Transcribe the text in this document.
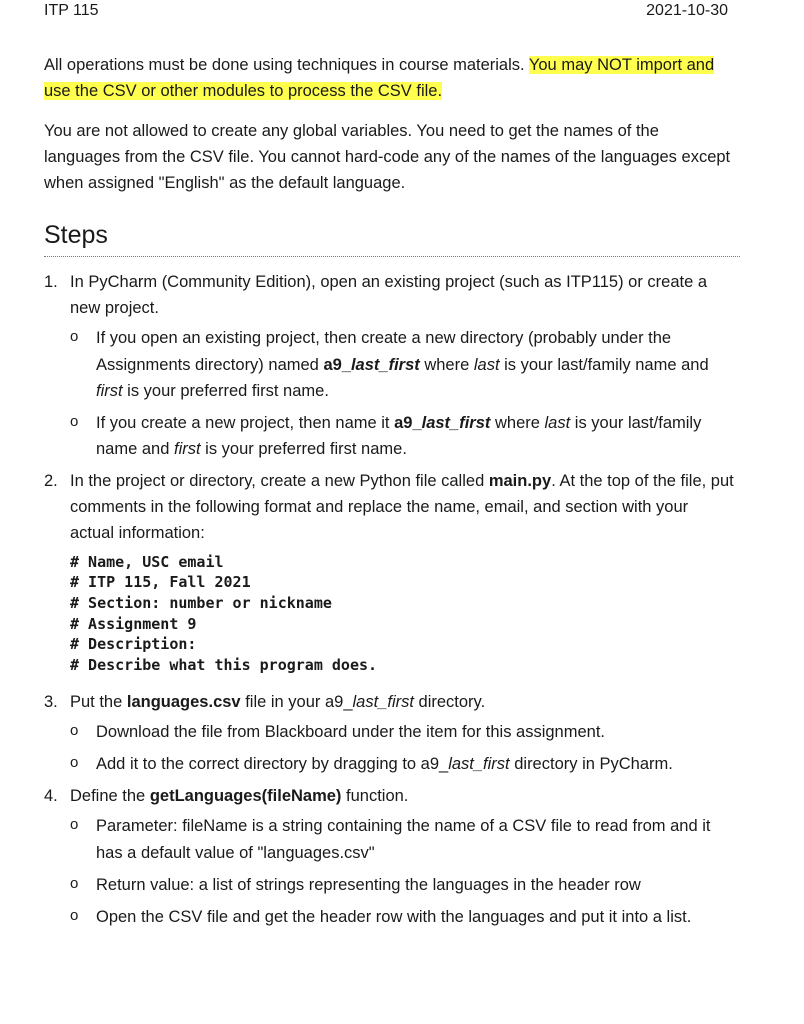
ITP 115	2021-10-30

All operations must be done using techniques in course materials. You may NOT import and use the CSV or other modules to process the CSV file.

You are not allowed to create any global variables. You need to get the names of the languages from the CSV file. You cannot hard-code any of the names of the languages except when assigned "English" as the default language.

Steps
1. In PyCharm (Community Edition), open an existing project (such as ITP115) or create a new project.
o If you open an existing project, then create a new directory (probably under the Assignments directory) named a9_last_first where last is your last/family name and first is your preferred first name.
o If you create a new project, then name it a9_last_first where last is your last/family name and first is your preferred first name.
2. In the project or directory, create a new Python file called main.py. At the top of the file, put comments in the following format and replace the name, email, and section with your actual information:
# Name, USC email
# ITP 115, Fall 2021
# Section: number or nickname
# Assignment 9
# Description:
# Describe what this program does.
3. Put the languages.csv file in your a9_last_first directory.
o Download the file from Blackboard under the item for this assignment.
o Add it to the correct directory by dragging to a9_last_first directory in PyCharm.
4. Define the getLanguages(fileName) function.
o Parameter: fileName is a string containing the name of a CSV file to read from and it has a default value of "languages.csv"
o Return value: a list of strings representing the languages in the header row
o Open the CSV file and get the header row with the languages and put it into a list.
